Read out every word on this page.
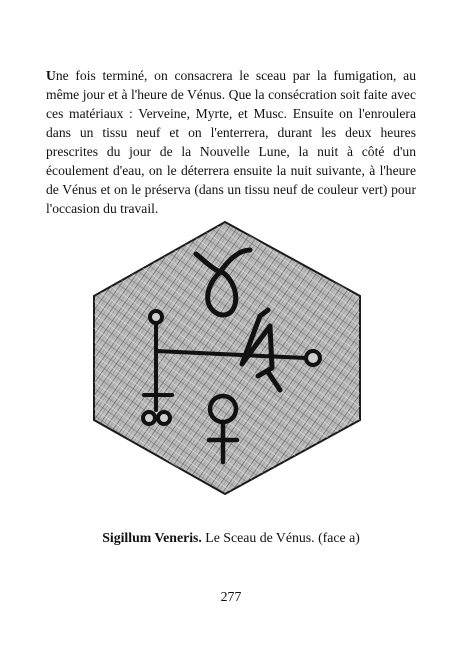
Une fois terminé, on consacrera le sceau par la fumigation, au même jour et à l'heure de Vénus. Que la consécration soit faite avec ces matériaux : Verveine, Myrte, et Musc. Ensuite on l'enroulera dans un tissu neuf et on l'enterrera, durant les deux heures prescrites du jour de la Nouvelle Lune, la nuit à côté d'un écoulement d'eau, on le déterrera ensuite la nuit suivante, à l'heure de Vénus et on le préserva (dans un tissu neuf de couleur vert) pour l'occasion du travail.

Sigillum Veneris. Le Sceau de Vénus. (face a)

277
